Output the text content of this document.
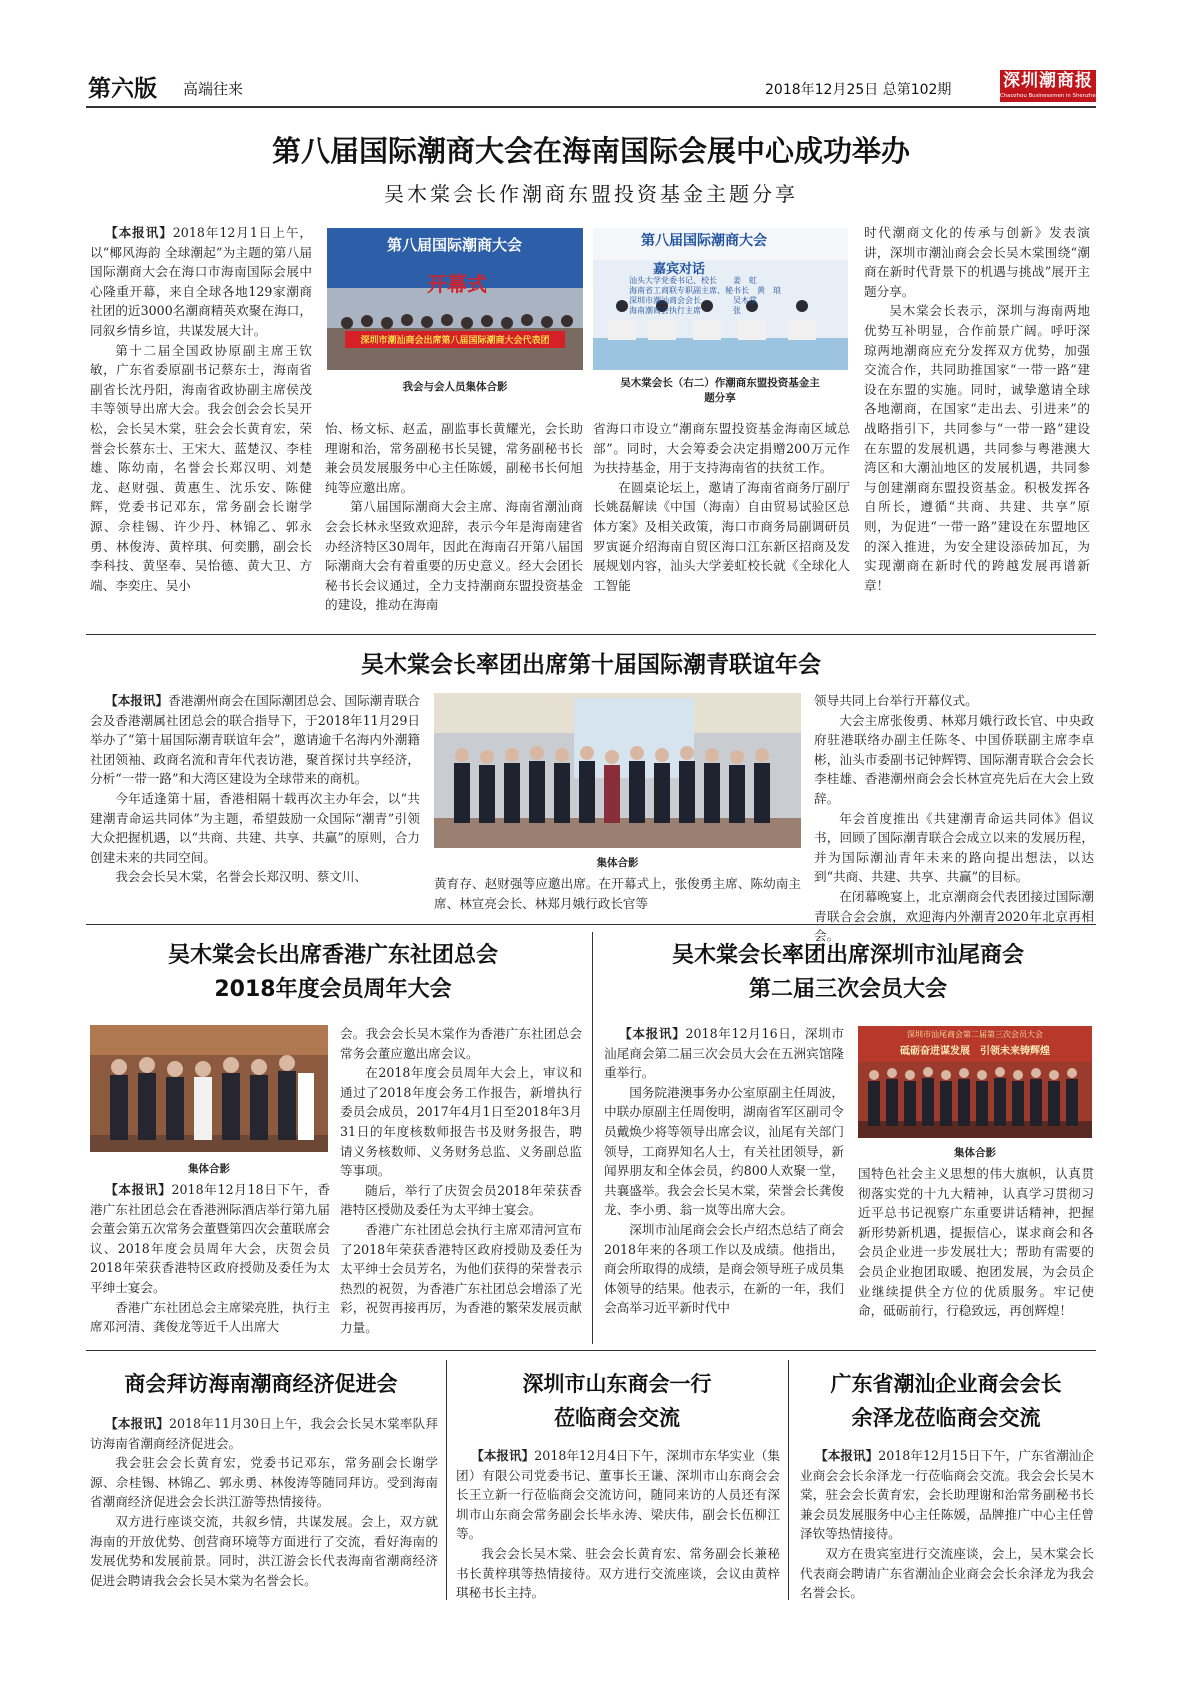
第六版 高端往来	2018年12月25日 总第102期	深圳潮商报
Chaozhou Businessmen in Shenzhen
第八届国际潮商大会在海南国际会展中心成功举办
吴木棠会长作潮商东盟投资基金主题分享

【本报讯】2018年12月1日上午，以“椰风海韵 全球潮起”为主题的第八届国际潮商大会在海口市海南国际会展中心隆重开幕，来自全球各地129家潮商社团的近3000名潮商精英欢聚在海口，同叙乡情乡谊，共谋发展大计。

第十二届全国政协原副主席王钦敏，广东省委原副书记蔡东士，海南省副省长沈丹阳，海南省政协副主席侯茂丰等领导出席大会。我会创会会长吴开松，会长吴木棠，驻会会长黄育宏，荣誉会长蔡东士、王宋大、蓝楚汉、李桂雄、陈幼南，名誉会长郑汉明、刘楚龙、赵财强、黄惠生、沈乐安、陈健辉，党委书记邓东，常务副会长谢学源、佘桂锡、许少丹、林锦乙、郭永勇、林俊涛、黄梓琪、何奕鹏，副会长李科技、黄坚奉、吴怡德、黄大卫、方端、李奕庄、吴小

第八届国际潮商大会
开幕式
深圳市潮汕商会出席第八届国际潮商大会代表团
我会与会人员集体合影
第八届国际潮商大会
嘉宾对话
汕头大学党委书记、校长　　姜　虹
海南省工商联专职副主席、秘书长　黄　琅
深圳市潮汕商会会长　　　　吴木棠
海南潮商会执行主席　　　　张
吴木棠会长（右二）作潮商东盟投资基金主题分享

怡、杨文标、赵孟，副监事长黄耀光，会长助理谢和治，常务副秘书长吴键，常务副秘书长兼会员发展服务中心主任陈媛，副秘书长何旭纯等应邀出席。

第八届国际潮商大会主席、海南省潮汕商会会长林永坚致欢迎辞，表示今年是海南建省办经济特区30周年，因此在海南召开第八届国际潮商大会有着重要的历史意义。经大会团长秘书长会议通过，全力支持潮商东盟投资基金的建设，推动在海南

省海口市设立“潮商东盟投资基金海南区域总部”。同时，大会筹委会决定捐赠200万元作为扶持基金，用于支持海南省的扶贫工作。

在圆桌论坛上，邀请了海南省商务厅副厅长姚磊解读《中国（海南）自由贸易试验区总体方案》及相关政策，海口市商务局副调研员罗寅诞介绍海南自贸区海口江东新区招商及发展规划内容，汕头大学姜虹校长就《全球化人工智能

时代潮商文化的传承与创新》发表演讲，深圳市潮汕商会会长吴木棠围绕“潮商在新时代背景下的机遇与挑战”展开主题分享。

吴木棠会长表示，深圳与海南两地优势互补明显，合作前景广阔。呼吁深琼两地潮商应充分发挥双方优势，加强交流合作，共同助推国家“一带一路”建设在东盟的实施。同时，诚挚邀请全球各地潮商，在国家“走出去、引进来”的战略指引下，共同参与“一带一路”建设在东盟的发展机遇，共同参与粤港澳大湾区和大潮汕地区的发展机遇，共同参与创建潮商东盟投资基金。积极发挥各自所长，遵循“共商、共建、共享”原则，为促进“一带一路”建设在东盟地区的深入推进，为安全建设添砖加瓦，为实现潮商在新时代的跨越发展再谱新章！

吴木棠会长率团出席第十届国际潮青联谊年会

【本报讯】香港潮州商会在国际潮团总会、国际潮青联合会及香港潮属社团总会的联合指导下，于2018年11月29日举办了“第十届国际潮青联谊年会”，邀请逾千名海内外潮籍社团领袖、政商名流和青年代表访港，聚首探讨共享经济，分析“一带一路”和大湾区建设为全球带来的商机。

今年适逢第十届，香港相隔十载再次主办年会，以“共建潮青命运共同体”为主题，希望鼓励一众国际“潮青”引领大众把握机遇，以“共商、共建、共享、共赢”的原则，合力创建未来的共同空间。

我会会长吴木棠，名誉会长郑汉明、蔡文川、

集体合影

黄育存、赵财强等应邀出席。在开幕式上，张俊勇主席、陈幼南主席、林宣亮会长、林郑月娥行政长官等

领导共同上台举行开幕仪式。

大会主席张俊勇、林郑月娥行政长官、中央政府驻港联络办副主任陈冬、中国侨联副主席李卓彬，汕头市委副书记钟辉锷、国际潮青联合会会长李桂雄、香港潮州商会会长林宣亮先后在大会上致辞。

年会首度推出《共建潮青命运共同体》倡议书，回顾了国际潮青联合会成立以来的发展历程，并为国际潮汕青年未来的路向提出想法，以达到“共商、共建、共享、共赢”的目标。

在闭幕晚宴上，北京潮商会代表团接过国际潮青联合会会旗，欢迎海内外潮青2020年北京再相会。

吴木棠会长出席香港广东社团总会
2018年度会员周年大会
集体合影

【本报讯】2018年12月18日下午，香港广东社团总会在香港洲际酒店举行第九届会董会第五次常务会董暨第四次会董联席会议、2018年度会员周年大会，庆贺会员2018年荣获香港特区政府授勋及委任为太平绅士宴会。

香港广东社团总会主席梁亮胜，执行主席邓河清、龚俊龙等近千人出席大

会。我会会长吴木棠作为香港广东社团总会常务会董应邀出席会议。

在2018年度会员周年大会上，审议和通过了2018年度会务工作报告，新增执行委员会成员，2017年4月1日至2018年3月31日的年度核数师报告书及财务报告，聘请义务核数师、义务财务总监、义务副总监等事项。

随后，举行了庆贺会员2018年荣获香港特区授勋及委任为太平绅士宴会。

香港广东社团总会执行主席邓清河宣布了2018年荣获香港特区政府授勋及委任为太平绅士会员芳名，为他们获得的荣誉表示热烈的祝贺，为香港广东社团总会增添了光彩，祝贺再接再厉，为香港的繁荣发展贡献力量。

吴木棠会长率团出席深圳市汕尾商会
第二届三次会员大会

【本报讯】2018年12月16日，深圳市汕尾商会第二届三次会员大会在五洲宾馆隆重举行。

国务院港澳事务办公室原副主任周波，中联办原副主任周俊明，湖南省军区副司令员戴焕少将等领导出席会议，汕尾有关部门领导，工商界知名人士，有关社团领导，新闻界朋友和全体会员，约800人欢聚一堂，共襄盛举。我会会长吴木棠，荣誉会长龚俊龙、李小勇、翁一岚等出席大会。

深圳市汕尾商会会长卢绍杰总结了商会2018年来的各项工作以及成绩。他指出，商会所取得的成绩，是商会领导班子成员集体领导的结果。他表示，在新的一年，我们会高举习近平新时代中

深圳市汕尾商会第二届第三次会员大会
砥砺奋进谋发展　引领未来铸辉煌
集体合影

国特色社会主义思想的伟大旗帜，认真贯彻落实党的十九大精神，认真学习贯彻习近平总书记视察广东重要讲话精神，把握新形势新机遇，提振信心，谋求商会和各会员企业进一步发展壮大；帮助有需要的会员企业抱团取暖、抱团发展，为会员企业继续提供全方位的优质服务。牢记使命，砥砺前行，行稳致远，再创辉煌！

商会拜访海南潮商经济促进会

【本报讯】2018年11月30日上午，我会会长吴木棠率队拜访海南省潮商经济促进会。

我会驻会会长黄育宏，党委书记邓东，常务副会长谢学源、佘桂锡、林锦乙、郭永勇、林俊涛等随同拜访。受到海南省潮商经济促进会会长洪江游等热情接待。

双方进行座谈交流，共叙乡情，共谋发展。会上，双方就海南的开放优势、创营商环境等方面进行了交流，看好海南的发展优势和发展前景。同时，洪江游会长代表海南省潮商经济促进会聘请我会会长吴木棠为名誉会长。

深圳市山东商会一行
莅临商会交流

【本报讯】2018年12月4日下午，深圳市东华实业（集团）有限公司党委书记、董事长王谦、深圳市山东商会会长王立新一行莅临商会交流访问，随同来访的人员还有深圳市山东商会常务副会长毕永涛、梁庆伟，副会长伍柳江等。

我会会长吴木棠、驻会会长黄育宏、常务副会长兼秘书长黄梓琪等热情接待。双方进行交流座谈，会议由黄梓琪秘书长主持。

广东省潮汕企业商会会长
余泽龙莅临商会交流

【本报讯】2018年12月15日下午，广东省潮汕企业商会会长余泽龙一行莅临商会交流。我会会长吴木棠，驻会会长黄育宏，会长助理谢和治常务副秘书长兼会员发展服务中心主任陈媛，品牌推广中心主任曾泽钦等热情接待。

双方在贵宾室进行交流座谈，会上，吴木棠会长代表商会聘请广东省潮汕企业商会会长余泽龙为我会名誉会长。
